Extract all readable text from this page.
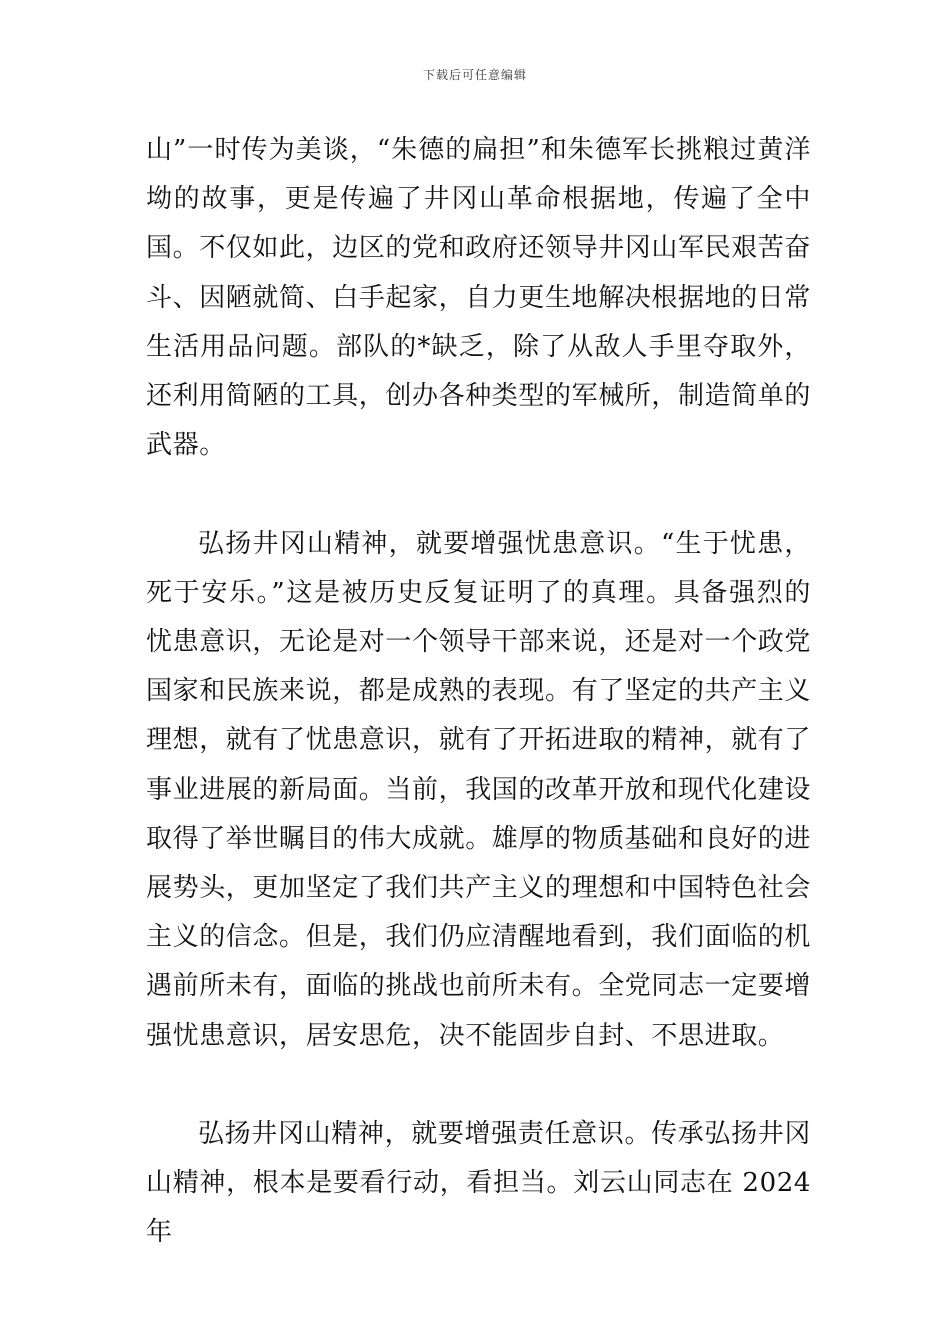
下载后可任意编辑

山”一时传为美谈，“朱德的扁担”和朱德军长挑粮过黄洋坳的故事，更是传遍了井冈山革命根据地，传遍了全中国。不仅如此，边区的党和政府还领导井冈山军民艰苦奋斗、因陋就简、白手起家，自力更生地解决根据地的日常生活用品问题。部队的*缺乏，除了从敌人手里夺取外，还利用简陋的工具，创办各种类型的军械所，制造简单的武器。

弘扬井冈山精神，就要增强忧患意识。“生于忧患，死于安乐。”这是被历史反复证明了的真理。具备强烈的忧患意识，无论是对一个领导干部来说，还是对一个政党国家和民族来说，都是成熟的表现。有了坚定的共产主义理想，就有了忧患意识，就有了开拓进取的精神，就有了事业进展的新局面。当前，我国的改革开放和现代化建设取得了举世瞩目的伟大成就。雄厚的物质基础和良好的进展势头，更加坚定了我们共产主义的理想和中国特色社会主义的信念。但是，我们仍应清醒地看到，我们面临的机遇前所未有，面临的挑战也前所未有。全党同志一定要增强忧患意识，居安思危，决不能固步自封、不思进取。

弘扬井冈山精神，就要增强责任意识。传承弘扬井冈山精神，根本是要看行动，看担当。刘云山同志在 2024 年
